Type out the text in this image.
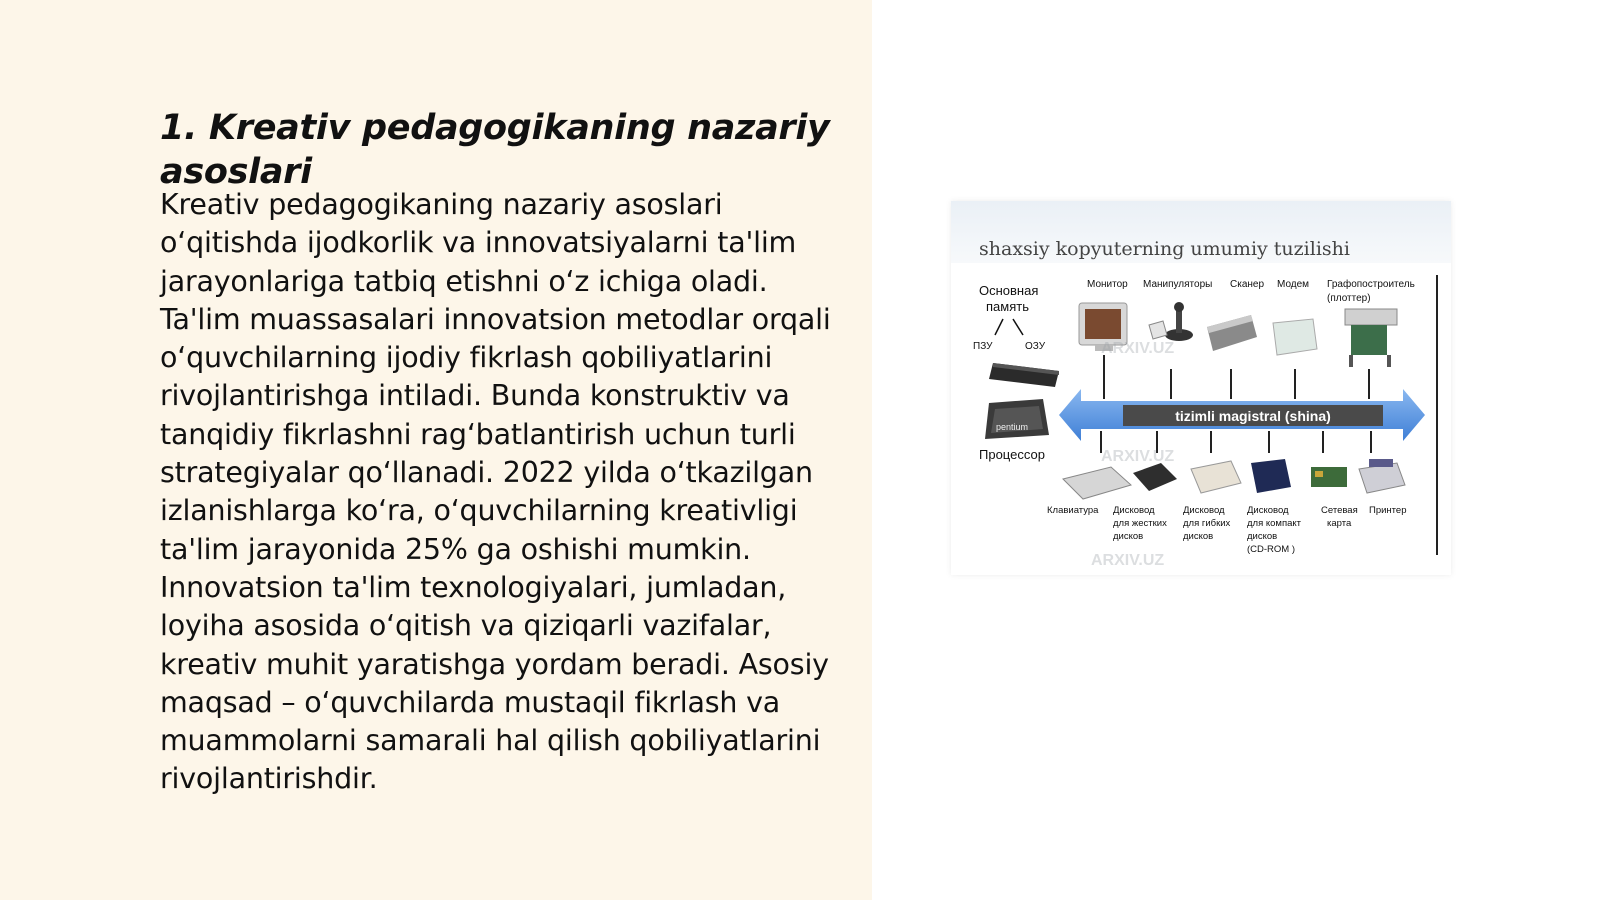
1. Kreativ pedagogikaning nazariy asoslari

Kreativ pedagogikaning nazariy asoslari o‘qitishda ijodkorlik va innovatsiyalarni ta'lim jarayonlariga tatbiq etishni o‘z ichiga oladi. Ta'lim muassasalari innovatsion metodlar orqali o‘quvchilarning ijodiy fikrlash qobiliyatlarini rivojlantirishga intiladi. Bunda konstruktiv va tanqidiy fikrlashni rag‘batlantirish uchun turli strategiyalar qo‘llanadi. 2022 yilda o‘tkazilgan izlanishlarga ko‘ra, o‘quvchilarning kreativligi ta'lim jarayonida 25% ga oshishi mumkin. Innovatsion ta'lim texnologiyalari, jumladan, loyiha asosida o‘qitish va qiziqarli vazifalar, kreativ muhit yaratishga yordam beradi. Asosiy maqsad – o‘quvchilarda mustaqil fikrlash va muammolarni samarali hal qilish qobiliyatlarini rivojlantirishdir.

shaxsiy kopyuterning umumiy tuzilishi
Основная
память
ПЗУ	ОЗУ
pentium
Процессор
Монитор Манипуляторы Сканер Модем Графопостроитель
(плоттер)
tizimli magistral (shina)
Клавиатура Дисковод
для жестких
дисков
Дисковод
для гибких
дисков
Дисковод
для компакт
дисков
(CD-ROM )
Сетевая
карта
Принтер
ARXIV.UZ
ARXIV.UZ
ARXIV.UZ
